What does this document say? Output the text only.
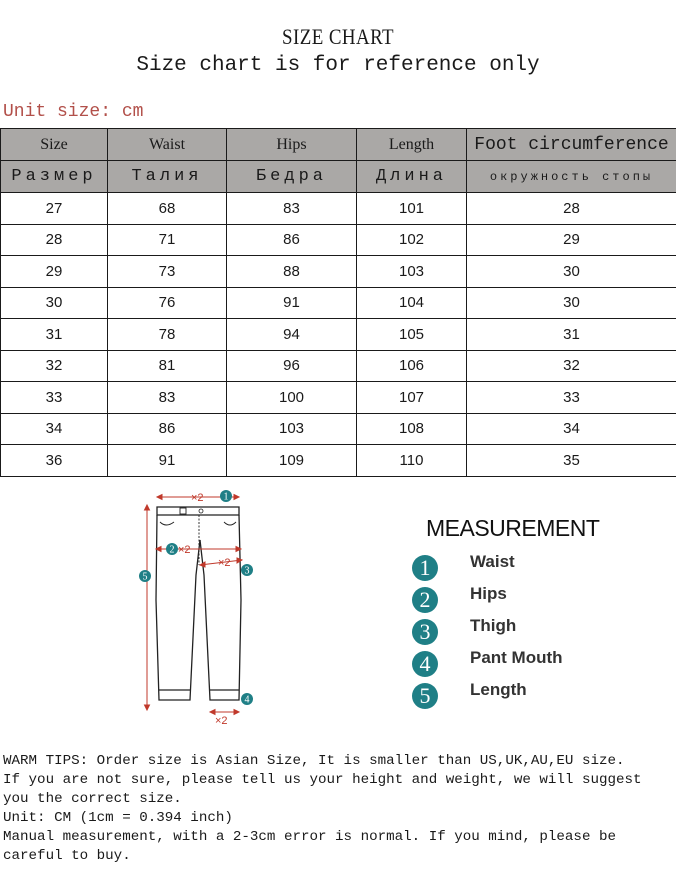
SIZE CHART
Size chart is for reference only
Unit size: cm
Size	Waist	Hips	Length	Foot circumference
Размер	Талия	Бедра	Длина	окружность стопы
27	68	83	101	28
28	71	86	102	29
29	73	88	103	30
30	76	91	104	30
31	78	94	105	31
32	81	96	106	32
33	83	100	107	33
34	86	103	108	34
36	91	109	110	35
×2
×2
×2
×2
1
2
3
4
5
MEASUREMENT
1	Waist
2	Hips
3	Thigh
4	Pant Mouth
5	Length

WARM TIPS: Order size is Asian Size, It is smaller than US,UK,AU,EU size.

If you are not sure, please tell us your height and weight, we will suggest you the correct size.

Unit: CM (1cm = 0.394 inch)

Manual measurement, with a 2-3cm error is normal. If you mind, please be careful to buy.
